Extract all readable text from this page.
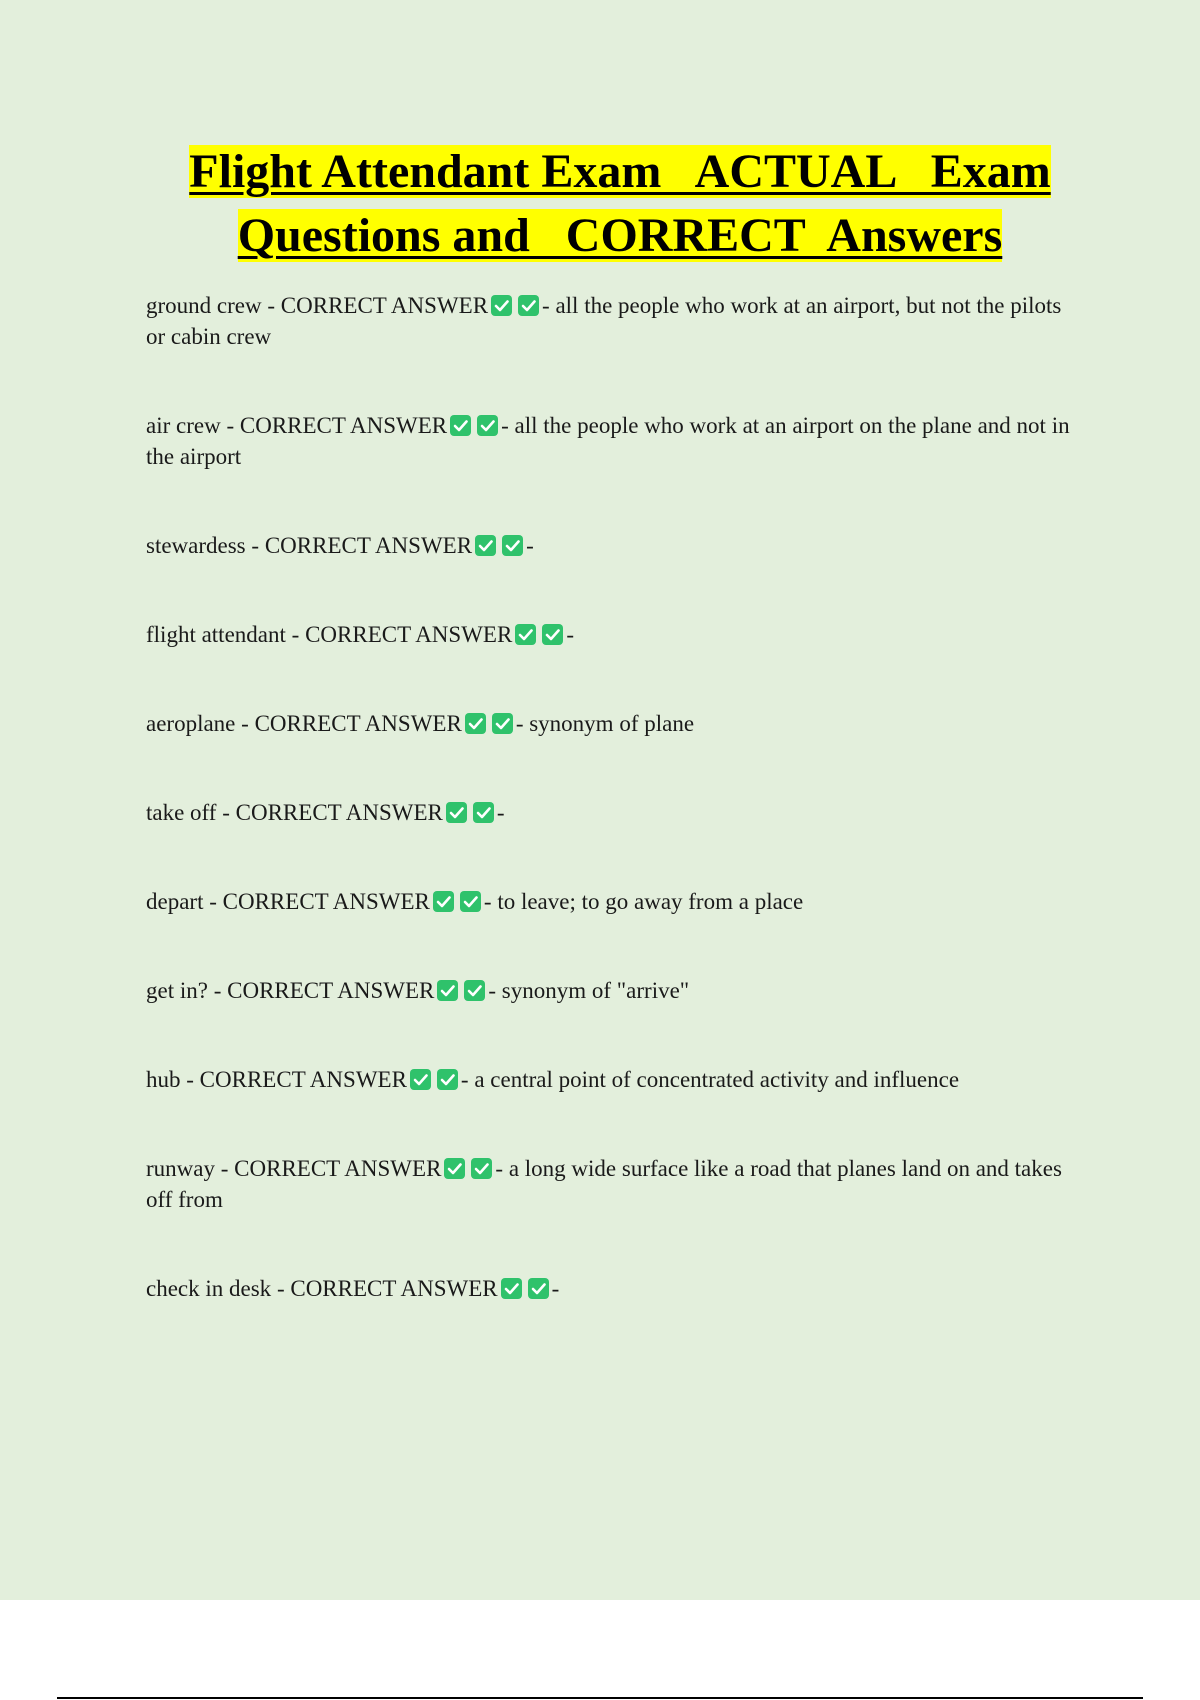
Flight Attendant Exam   ACTUAL   Exam
Questions and   CORRECT  Answers

ground crew - CORRECT ANSWER - all the people who work at an airport, but not the pilots or cabin crew

air crew - CORRECT ANSWER - all the people who work at an airport on the plane and not in the airport

stewardess - CORRECT ANSWER -

flight attendant - CORRECT ANSWER -

aeroplane - CORRECT ANSWER - synonym of plane

take off - CORRECT ANSWER -

depart - CORRECT ANSWER - to leave; to go away from a place

get in? - CORRECT ANSWER - synonym of "arrive"

hub - CORRECT ANSWER - a central point of concentrated activity and influence

runway - CORRECT ANSWER - a long wide surface like a road that planes land on and takes off from

check in desk - CORRECT ANSWER -
